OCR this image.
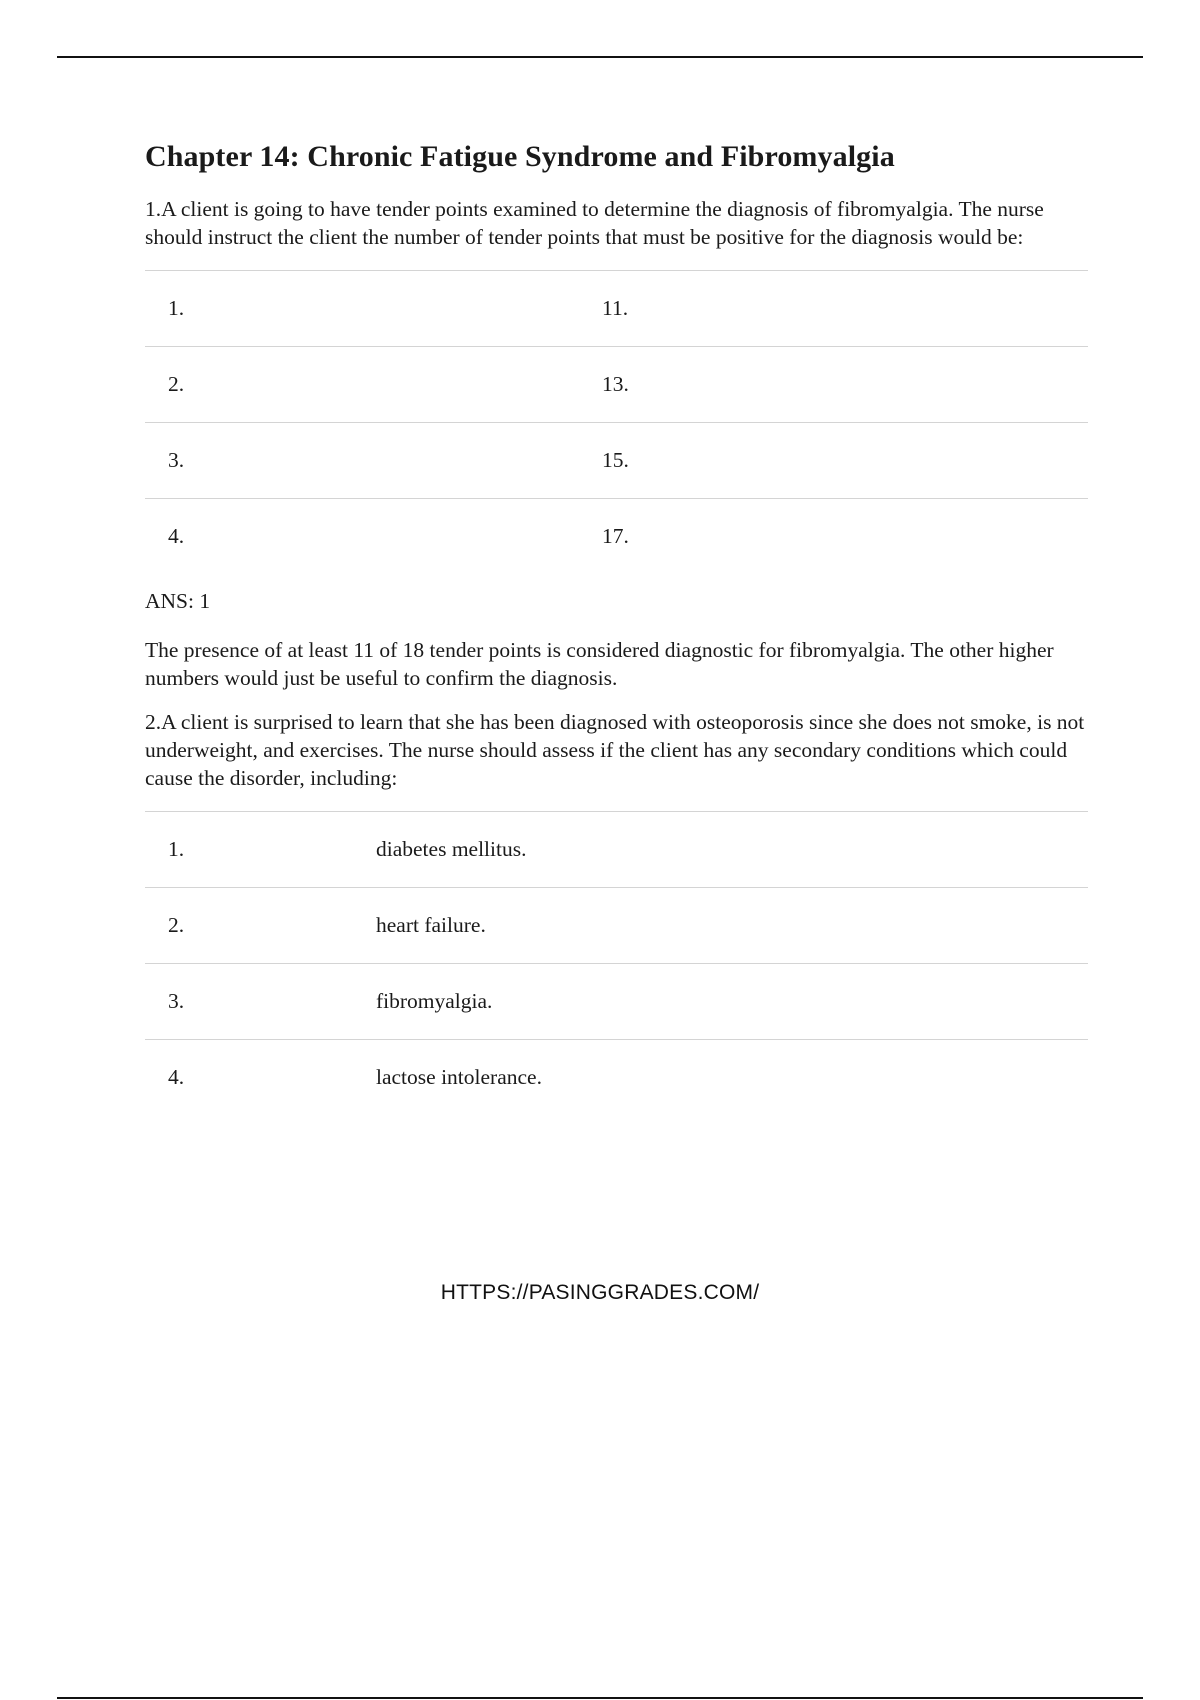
Chapter 14: Chronic Fatigue Syndrome and Fibromyalgia

1.A client is going to have tender points examined to determine the diagnosis of fibromyalgia. The nurse should instruct the client the number of tender points that must be positive for the diagnosis would be:

1.	11.
2.	13.
3.	15.
4.	17.

ANS: 1

The presence of at least 11 of 18 tender points is considered diagnostic for fibromyalgia. The other higher numbers would just be useful to confirm the diagnosis.

2.A client is surprised to learn that she has been diagnosed with osteoporosis since she does not smoke, is not underweight, and exercises. The nurse should assess if the client has any secondary conditions which could cause the disorder, including:

1.	diabetes mellitus.
2.	heart failure.
3.	fibromyalgia.
4.	lactose intolerance.
HTTPS://PASINGGRADES.COM/
